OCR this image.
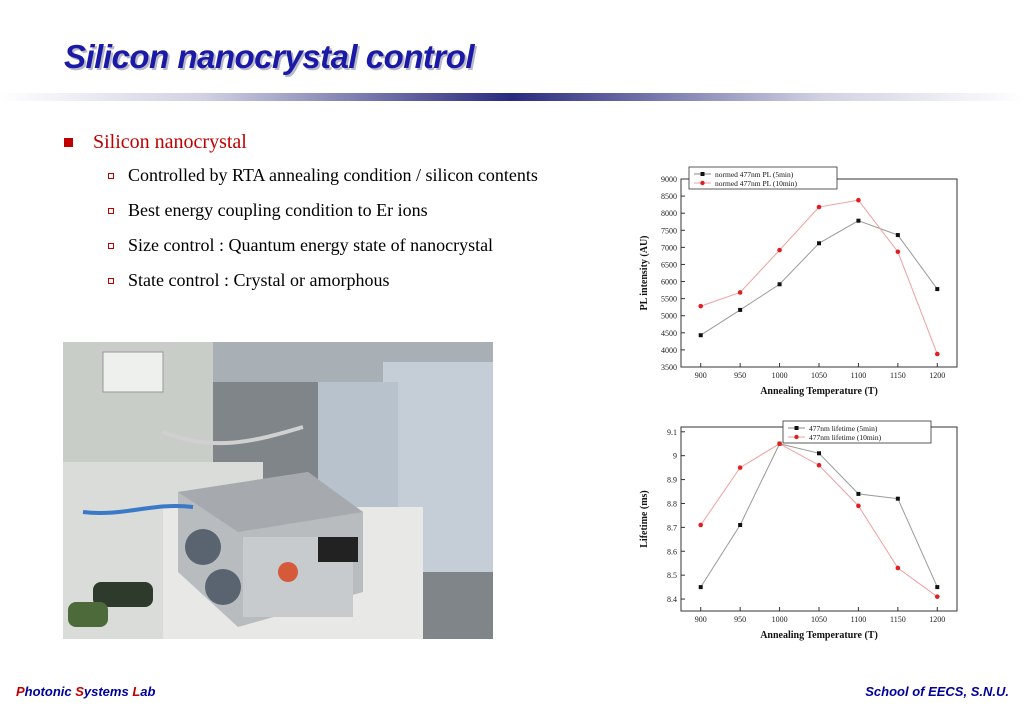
Silicon nanocrystal control
Silicon nanocrystal
Controlled by RTA annealing condition / silicon contents
Best energy coupling condition to Er ions
Size control : Quantum energy state of nanocrystal
State control : Crystal or amorphous
3500
4000
4500
5000
5500
6000
6500
7000
7500
8000
8500
9000
900	950	1000	1050	1100	1150	1200
Annealing Temperature (T)
PL intensity (AU)
normed 477nm PL (5min)
normed 477nm PL (10min)
8.4
8.5
8.6
8.7
8.8
8.9
9
9.1
900	950	1000	1050	1100	1150	1200
Annealing Temperature (T)
Lifetime (ms)
477nm lifetime (5min)
477nm lifetime (10min)
Photonic Systems Lab	School of EECS, S.N.U.
